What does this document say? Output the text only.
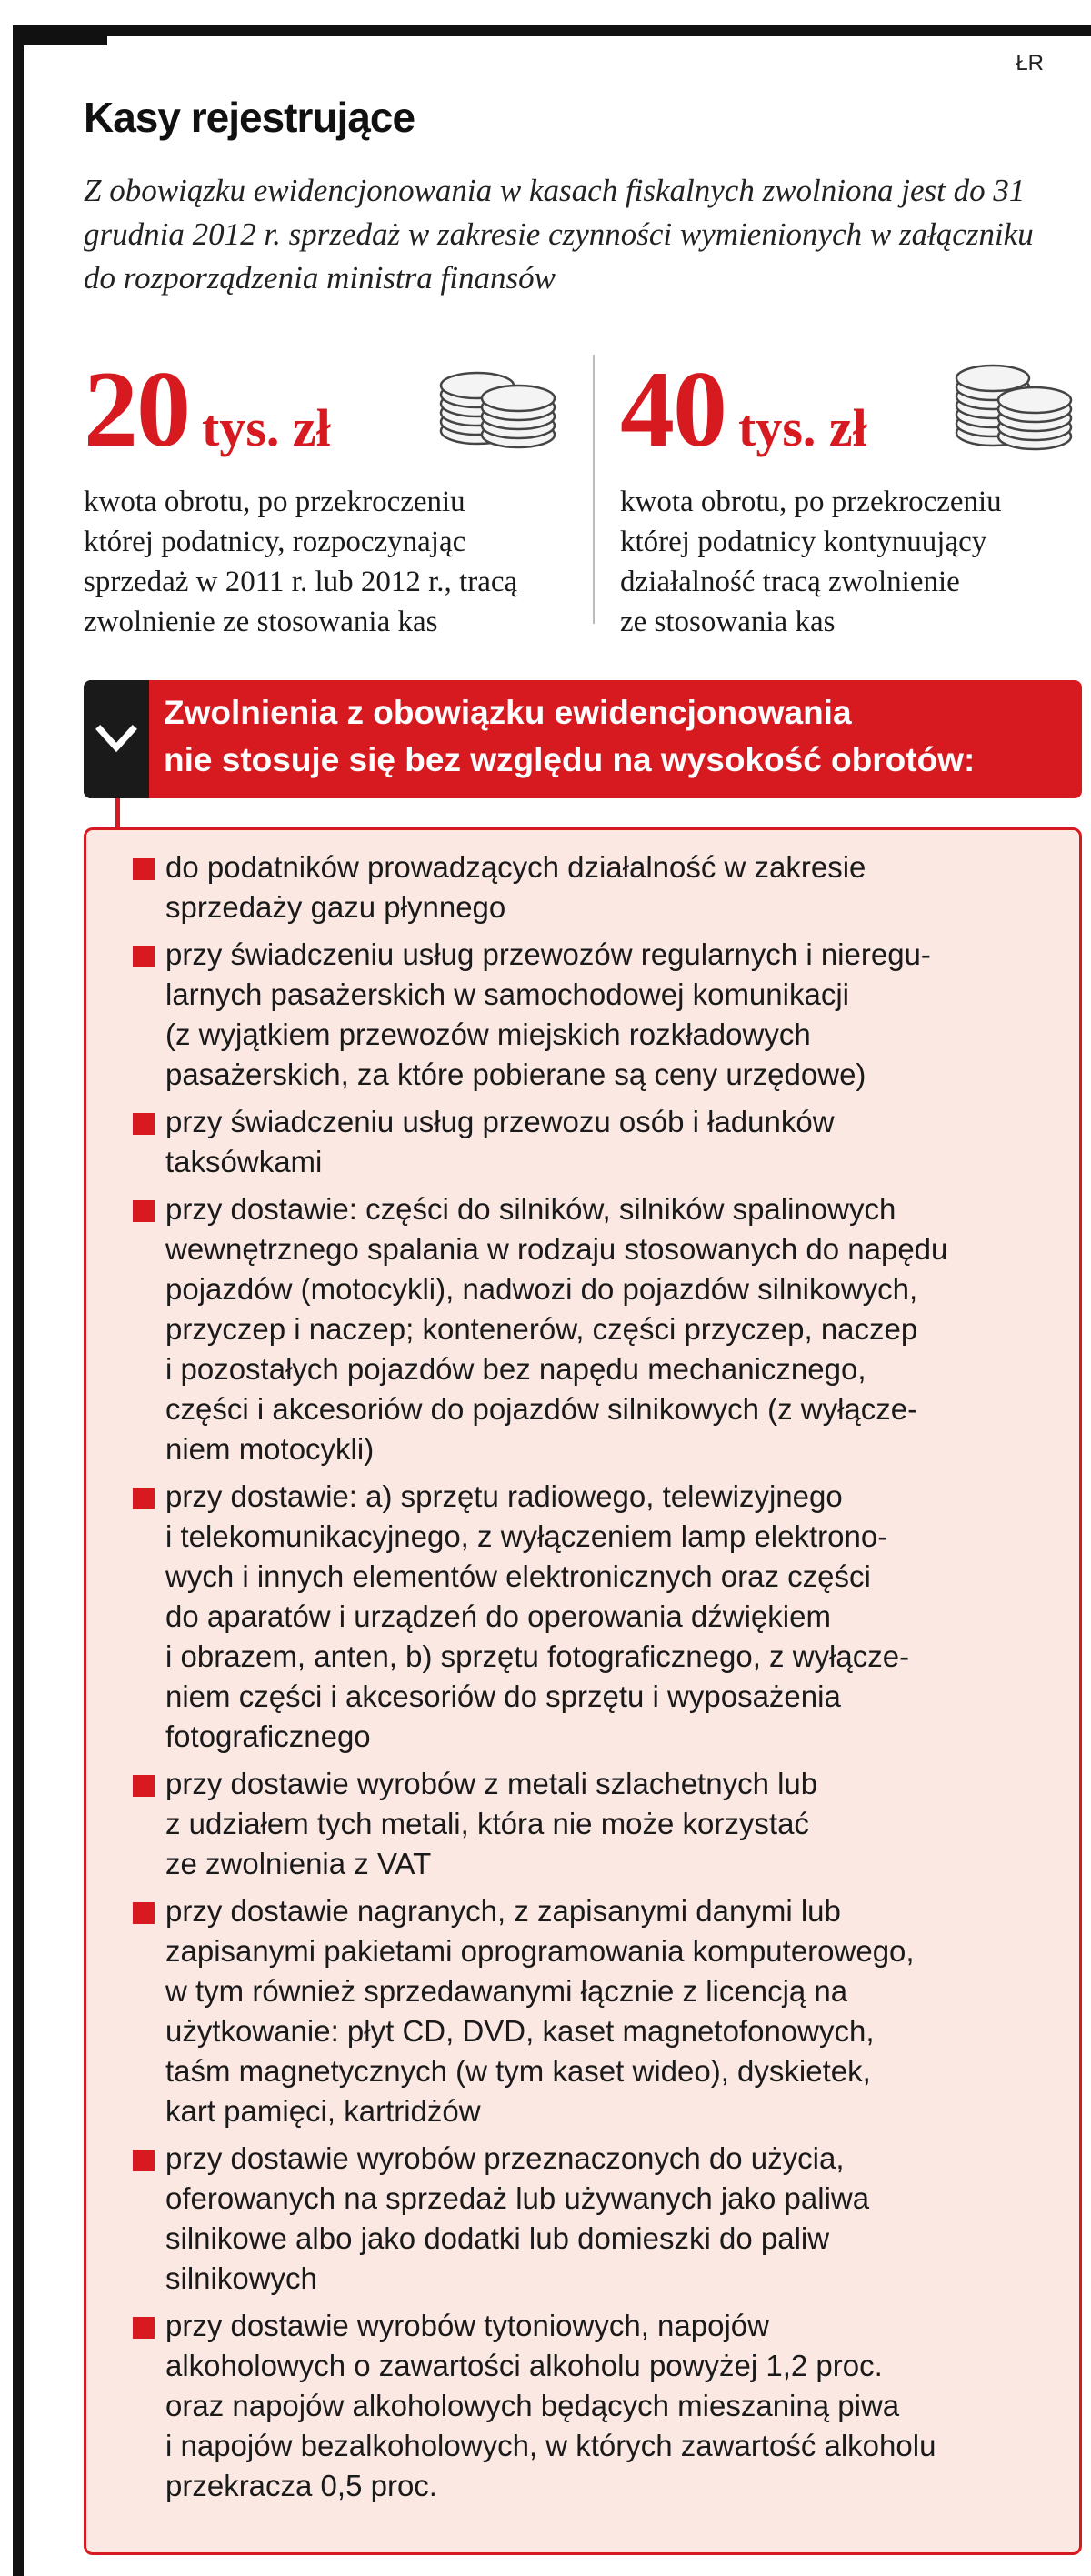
ŁR
Kasy rejestrujące
Z obowiązku ewidencjonowania w kasach fiskalnych zwolniona jest do 31 grudnia 2012 r. sprzedaż w zakresie czynności wymienionych w załączniku do rozporządzenia ministra finansów
20 tys. zł
kwota obrotu, po przekroczeniu
której podatnicy, rozpoczynając
sprzedaż w 2011 r. lub 2012 r., tracą
zwolnienie ze stosowania kas
40 tys. zł
kwota obrotu, po przekroczeniu
której podatnicy kontynuujący
działalność tracą zwolnienie
ze stosowania kas
Zwolnienia z obowiązku ewidencjonowania
nie stosuje się bez względu na wysokość obrotów:
do podatników prowadzących działalność w zakresie
sprzedaży gazu płynnego
przy świadczeniu usług przewozów regularnych i nieregu-
larnych pasażerskich w samochodowej komunikacji
(z wyjątkiem przewozów miejskich rozkładowych
pasażerskich, za które pobierane są ceny urzędowe)
przy świadczeniu usług przewozu osób i ładunków
taksówkami
przy dostawie: części do silników, silników spalinowych
wewnętrznego spalania w rodzaju stosowanych do napędu
pojazdów (motocykli), nadwozi do pojazdów silnikowych,
przyczep i naczep; kontenerów, części przyczep, naczep
i pozostałych pojazdów bez napędu mechanicznego,
części i akcesoriów do pojazdów silnikowych (z wyłącze-
niem motocykli)
przy dostawie: a) sprzętu radiowego, telewizyjnego
i telekomunikacyjnego, z wyłączeniem lamp elektrono-
wych i innych elementów elektronicznych oraz części
do aparatów i urządzeń do operowania dźwiękiem
i obrazem, anten, b) sprzętu fotograficznego, z wyłącze-
niem części i akcesoriów do sprzętu i wyposażenia
fotograficznego
przy dostawie wyrobów z metali szlachetnych lub
z udziałem tych metali, która nie może korzystać
ze zwolnienia z VAT
przy dostawie nagranych, z zapisanymi danymi lub
zapisanymi pakietami oprogramowania komputerowego,
w tym również sprzedawanymi łącznie z licencją na
użytkowanie: płyt CD, DVD, kaset magnetofonowych,
taśm magnetycznych (w tym kaset wideo), dyskietek,
kart pamięci, kartridżów
przy dostawie wyrobów przeznaczonych do użycia,
oferowanych na sprzedaż lub używanych jako paliwa
silnikowe albo jako dodatki lub domieszki do paliw
silnikowych
przy dostawie wyrobów tytoniowych, napojów
alkoholowych o zawartości alkoholu powyżej 1,2 proc.
oraz napojów alkoholowych będących mieszaniną piwa
i napojów bezalkoholowych, w których zawartość alkoholu
przekracza 0,5 proc.
